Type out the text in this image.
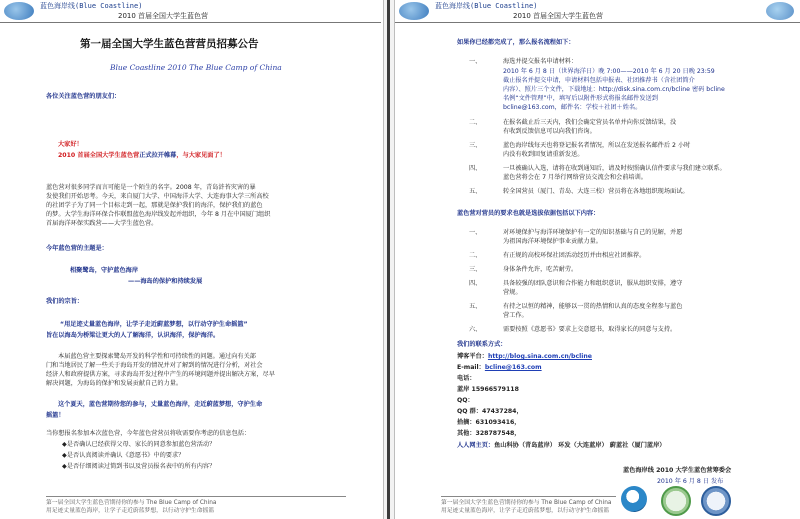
蓝色海岸线(Blue Coastline)
2010 首届全国大学生蓝色营
第一届全国大学生蓝色营营员招募公告
Blue Coastline 2010 The Blue Camp of China
各位关注蓝色营的朋友们：
大家好！
2010 首届全国大学生蓝色营正式拉开帷幕，与大家见面了！
蓝色营对很多同学而言可能是一个陌生的名字。2008 年，青岛浒苔灾害的暴
发使我们开始思考。今天，来自厦门大学、中国海洋大学、大连海事大学三所高校
的社团学子为了同一个目标走到一起，那就是保护我们的海洋，保护我们的蓝色
的梦。大学生海洋环保合作联盟蓝色海岸线发起并组织，今年 8 月在中国厦门组织
首届海洋环保实践营——大学生蓝色营。
今年蓝色营的主题是：
相聚鹭岛，守护蓝色海岸
——海岛的保护和持续发展
我们的宗旨：
“用足迹丈量蓝色海岸，让学子走近蔚蓝梦想，以行动守护生命摇篮”
旨在以海岛为桥梁让更大的人了解海洋，认识海洋，保护海洋。
本届蓝色营主要探索鹭岛开发的科学性和可持续性的问题。通过向有关部
门和当地居民了解一些关于海岛开发的情况并对了解到的情况进行分析，对社会
经济人和政府提供方案，寻求海岛开发过程中产生的环境问题并提出解决方案，尽早
解决问题，为海岛的保护和发展贡献自己的力量。
这个夏天，蓝色营期待您的参与，丈量蓝色海岸，走近蔚蓝梦想，守护生命
摇篮！
当你想报名参加本次蓝色营，今年蓝色营营员将收需要你考虑的信息包括：
◆是否确认已经获得父母、家长的同意参加蓝色营活动？
◆是否认真阅读并确认《意愿书》中的要求？
◆是否仔细阅读过简到书以及营员报名表中的所有内容？
第一届全国大学生蓝色营期待你的参与 The Blue Camp of China
用足迹丈量蓝色海岸，让学子走近蔚蓝梦想，以行动守护生命摇篮
蓝色海岸线(Blue Coastline)
2010 首届全国大学生蓝色营
如果你已经都完成了，那么报名流程如下：
一、	海选并提交报名申请材料：
2010 年 6 月 8 日（世界海洋日）晚 7:00——2010 年 6 月 20 日晚 23:59
截止报名并提交申请，申请材料包括申报表、社团推荐书（含社团简介
内容）、照片三个文件，下载地址：http://disk.sina.com.cn/bcline 密码 bcline
名例“文件管理”中，填写后以附件形式将报名邮件发送到
bcline@163.com，邮件名：学校＋社团＋姓名。
二、	在报名截止后三天内，我们会确定营员名单并向你反馈结果，没
有收到反馈信息可以向我们咨询。
三、	蓝色海岸线每天也将登记报名者情况，所以在发送报名邮件后 2 小时
内没有收到回复请重新发送。
四、	一旦被确认入选，请将在收到通知后，请及时按照确认信件要求与我们建立联系。
蓝色营将会在 7 月举行网络营员交流会和会前培训。
五、	转全国营员（厦门、青岛、大连三校）营员将在各地组织现场面试。
蓝色营对营员的要求也就是选拔依据包括以下内容：
一、	对环境保护与海洋环境保护有一定的知识基础与自己的见解，并愿
为祖国海洋环境保护事业贡献力量。
二、	有正规的高校环保社团活动经历并由相应社团推荐。
三、	身体条件允许，吃苦耐劳。
四、	具备较强的团队意识和合作能力和组织意识，服从组织安排，遵守
营规。
五、	有持之以恒的精神，能够以一贯的热情和认真的态度全程参与蓝色
营工作。
六、	需要按照《意愿书》要求上交意愿书，取得家长的同意与支持。
我们的联系方式：
博客平台：http://blog.sina.com.cn/bcline
E-mail：bcline@163.com
电话：
蓝岸 15966579118
QQ：
QQ 群：47437284，
拾摘：631093416，
其他：328787548，
人人网主页：鱼山科协（青岛蓝岸） 环发（大连蓝岸） 蔚蓝社（厦门蓝岸）
蓝色海岸线 2010 大学生蓝色营筹委会
2010 年 6 月 8 日 发布
第一届全国大学生蓝色营期待你的参与 The Blue Camp of China
用足迹丈量蓝色海岸，让学子走近蔚蓝梦想，以行动守护生命摇篮
